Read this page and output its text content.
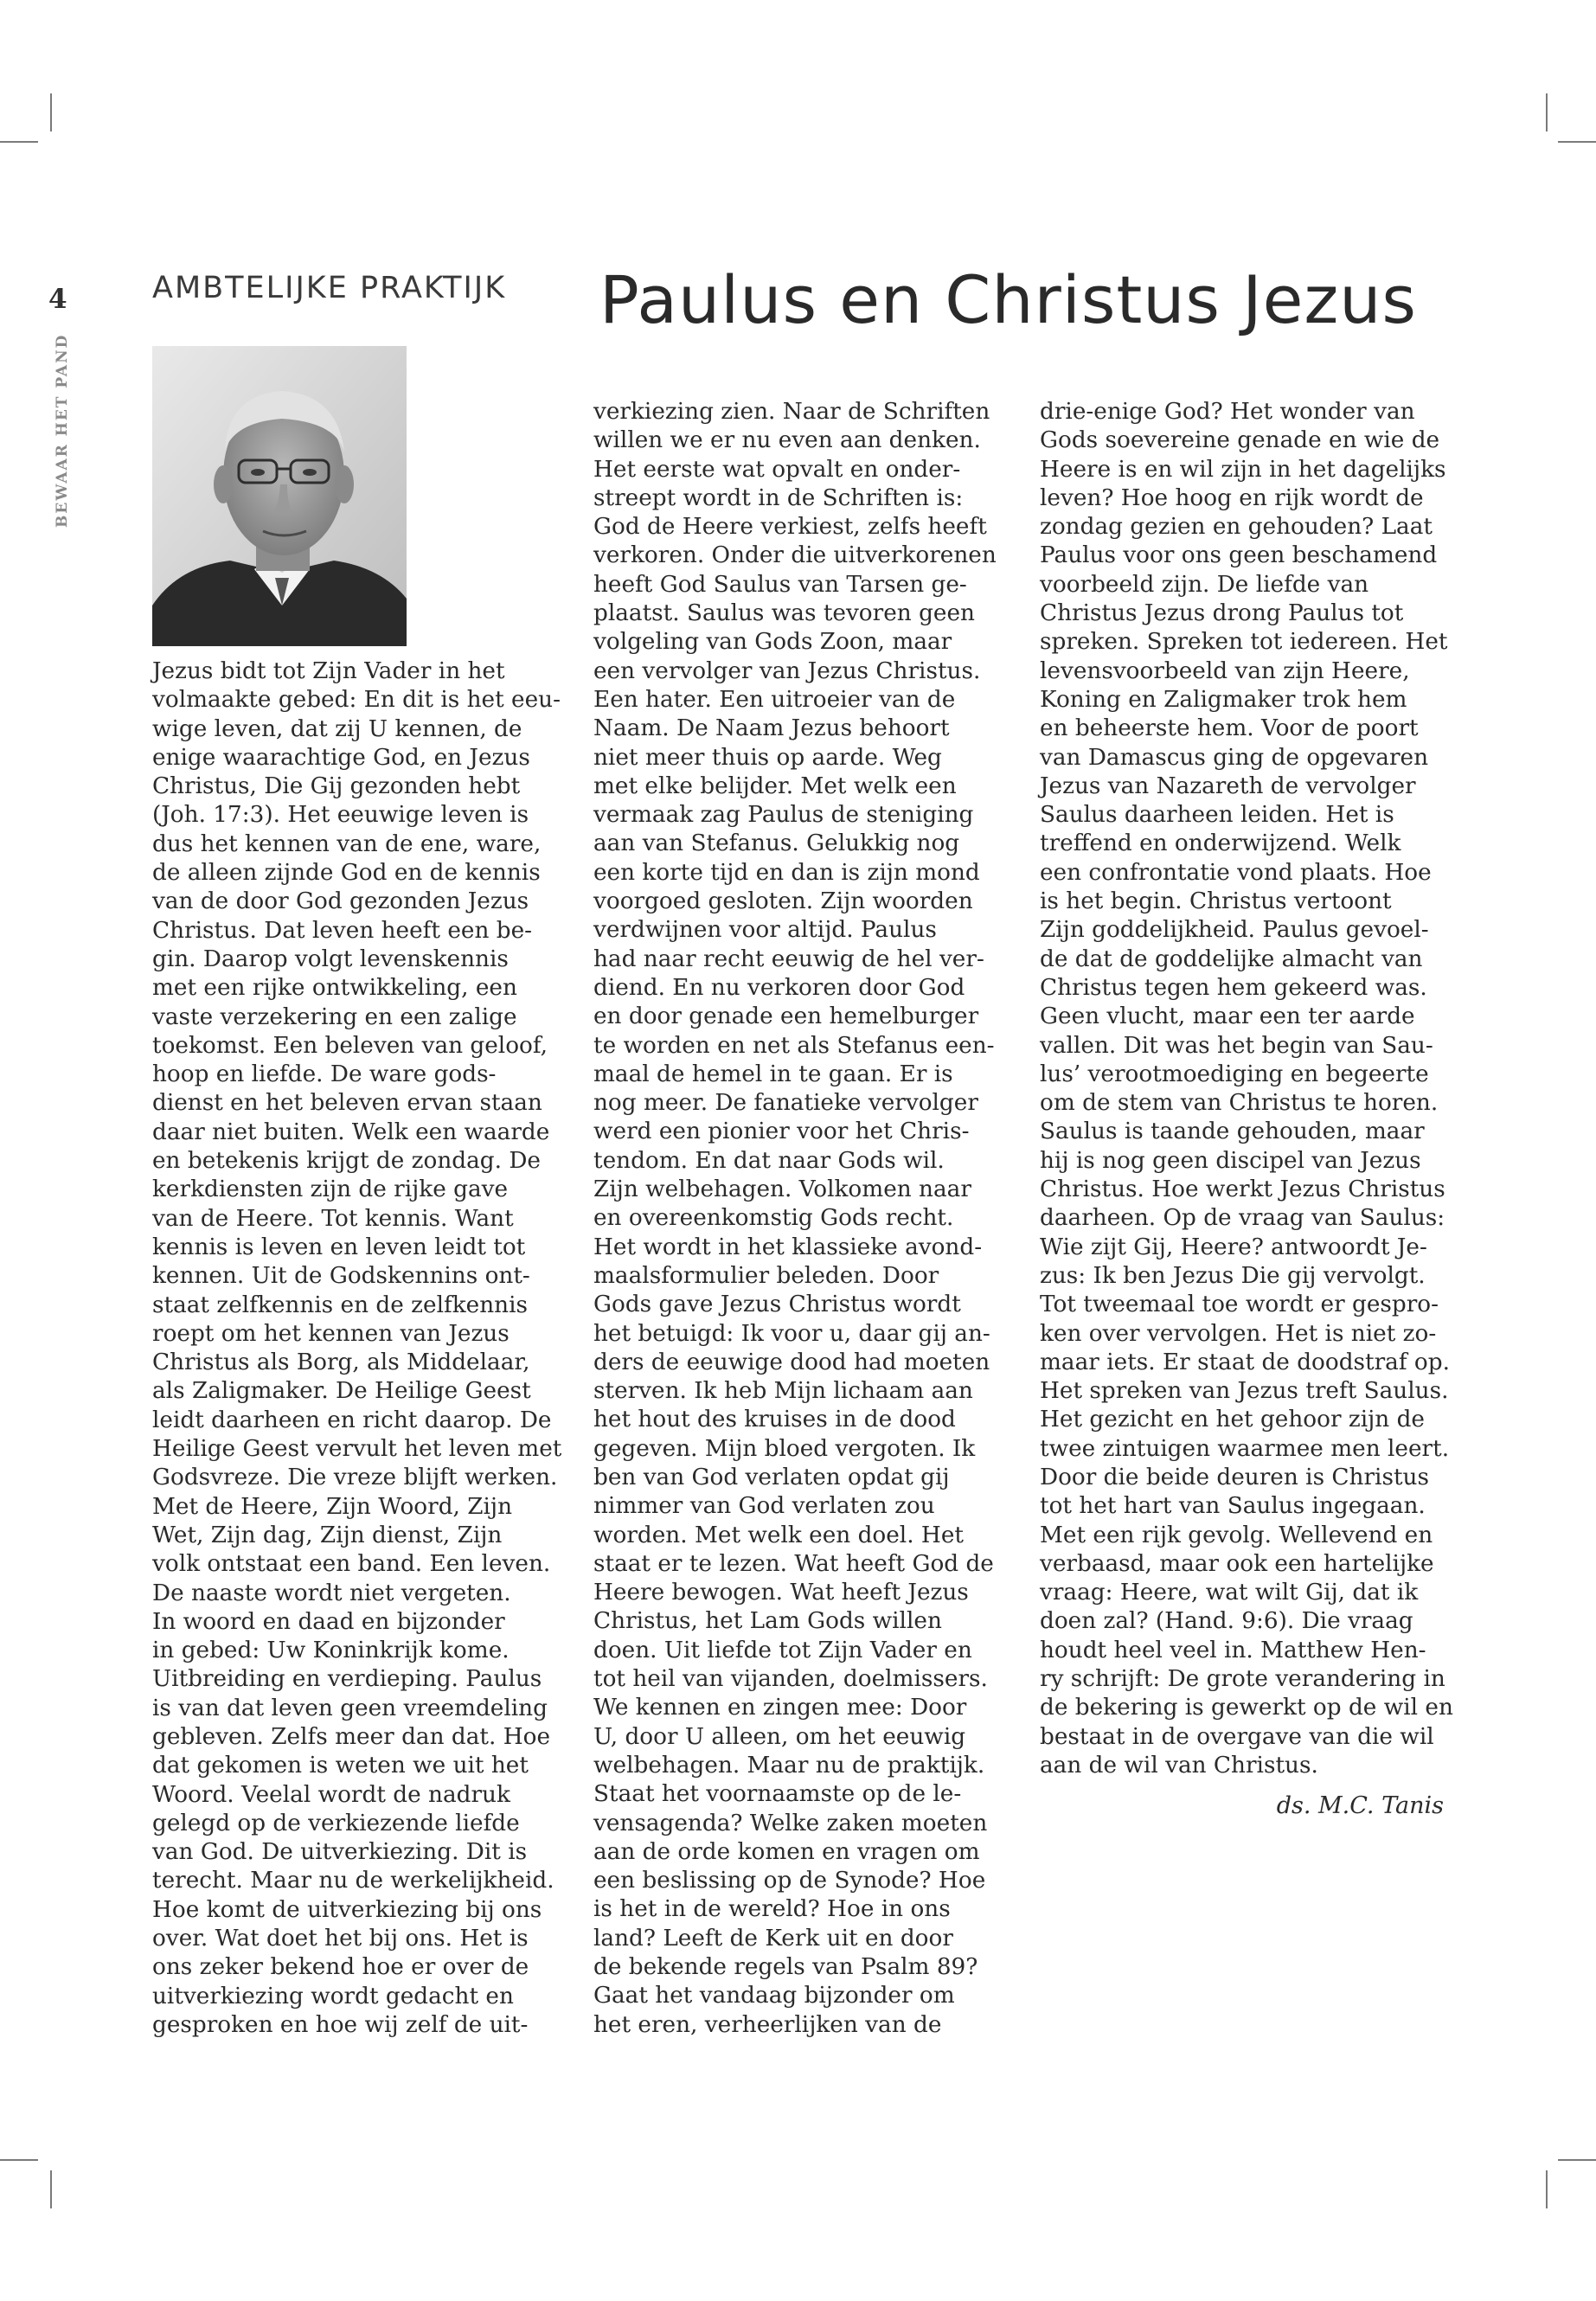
4
BEWAAR HET PAND
AMBTELIJKE PRAKTIJK Paulus en Christus Jezus
Jezus bidt tot Zijn Vader in het
volmaakte gebed: En dit is het eeu-
wige leven, dat zij U kennen, de
enige waarachtige God, en Jezus
Christus, Die Gij gezonden hebt
(Joh. 17:3). Het eeuwige leven is
dus het kennen van de ene, ware,
de alleen zijnde God en de kennis
van de door God gezonden Jezus
Christus. Dat leven heeft een be-
gin. Daarop volgt levenskennis
met een rijke ontwikkeling, een
vaste verzekering en een zalige
toekomst. Een beleven van geloof,
hoop en liefde. De ware gods-
dienst en het beleven ervan staan
daar niet buiten. Welk een waarde
en betekenis krijgt de zondag. De
kerkdiensten zijn de rijke gave
van de Heere. Tot kennis. Want
kennis is leven en leven leidt tot
kennen. Uit de Godskennins ont-
staat zelfkennis en de zelfkennis
roept om het kennen van Jezus
Christus als Borg, als Middelaar,
als Zaligmaker. De Heilige Geest
leidt daarheen en richt daarop. De
Heilige Geest vervult het leven met
Godsvreze. Die vreze blijft werken.
Met de Heere, Zijn Woord, Zijn
Wet, Zijn dag, Zijn dienst, Zijn
volk ontstaat een band. Een leven.
De naaste wordt niet vergeten.
In woord en daad en bijzonder
in gebed: Uw Koninkrijk kome.
Uitbreiding en verdieping. Paulus
is van dat leven geen vreemdeling
gebleven. Zelfs meer dan dat. Hoe
dat gekomen is weten we uit het
Woord. Veelal wordt de nadruk
gelegd op de verkiezende liefde
van God. De uitverkiezing. Dit is
terecht. Maar nu de werkelijkheid.
Hoe komt de uitverkiezing bij ons
over. Wat doet het bij ons. Het is
ons zeker bekend hoe er over de
uitverkiezing wordt gedacht en
gesproken en hoe wij zelf de uit-
verkiezing zien. Naar de Schriften
willen we er nu even aan denken.
Het eerste wat opvalt en onder-
streept wordt in de Schriften is:
God de Heere verkiest, zelfs heeft
verkoren. Onder die uitverkorenen
heeft God Saulus van Tarsen ge-
plaatst. Saulus was tevoren geen
volgeling van Gods Zoon, maar
een vervolger van Jezus Christus.
Een hater. Een uitroeier van de
Naam. De Naam Jezus behoort
niet meer thuis op aarde. Weg
met elke belijder. Met welk een
vermaak zag Paulus de steniging
aan van Stefanus. Gelukkig nog
een korte tijd en dan is zijn mond
voorgoed gesloten. Zijn woorden
verdwijnen voor altijd. Paulus
had naar recht eeuwig de hel ver-
diend. En nu verkoren door God
en door genade een hemelburger
te worden en net als Stefanus een-
maal de hemel in te gaan. Er is
nog meer. De fanatieke vervolger
werd een pionier voor het Chris-
tendom. En dat naar Gods wil.
Zijn welbehagen. Volkomen naar
en overeenkomstig Gods recht.
Het wordt in het klassieke avond-
maalsformulier beleden. Door
Gods gave Jezus Christus wordt
het betuigd: Ik voor u, daar gij an-
ders de eeuwige dood had moeten
sterven. Ik heb Mijn lichaam aan
het hout des kruises in de dood
gegeven. Mijn bloed vergoten. Ik
ben van God verlaten opdat gij
nimmer van God verlaten zou
worden. Met welk een doel. Het
staat er te lezen. Wat heeft God de
Heere bewogen. Wat heeft Jezus
Christus, het Lam Gods willen
doen. Uit liefde tot Zijn Vader en
tot heil van vijanden, doelmissers.
We kennen en zingen mee: Door
U, door U alleen, om het eeuwig
welbehagen. Maar nu de praktijk.
Staat het voornaamste op de le-
vensagenda? Welke zaken moeten
aan de orde komen en vragen om
een beslissing op de Synode? Hoe
is het in de wereld? Hoe in ons
land? Leeft de Kerk uit en door
de bekende regels van Psalm 89?
Gaat het vandaag bijzonder om
het eren, verheerlijken van de
drie-enige God? Het wonder van
Gods soevereine genade en wie de
Heere is en wil zijn in het dagelijks
leven? Hoe hoog en rijk wordt de
zondag gezien en gehouden? Laat
Paulus voor ons geen beschamend
voorbeeld zijn. De liefde van
Christus Jezus drong Paulus tot
spreken. Spreken tot iedereen. Het
levensvoorbeeld van zijn Heere,
Koning en Zaligmaker trok hem
en beheerste hem. Voor de poort
van Damascus ging de opgevaren
Jezus van Nazareth de vervolger
Saulus daarheen leiden. Het is
treffend en onderwijzend. Welk
een confrontatie vond plaats. Hoe
is het begin. Christus vertoont
Zijn goddelijkheid. Paulus gevoel-
de dat de goddelijke almacht van
Christus tegen hem gekeerd was.
Geen vlucht, maar een ter aarde
vallen. Dit was het begin van Sau-
lus’ verootmoediging en begeerte
om de stem van Christus te horen.
Saulus is taande gehouden, maar
hij is nog geen discipel van Jezus
Christus. Hoe werkt Jezus Christus
daarheen. Op de vraag van Saulus:
Wie zijt Gij, Heere? antwoordt Je-
zus: Ik ben Jezus Die gij vervolgt.
Tot tweemaal toe wordt er gespro-
ken over vervolgen. Het is niet zo-
maar iets. Er staat de doodstraf op.
Het spreken van Jezus treft Saulus.
Het gezicht en het gehoor zijn de
twee zintuigen waarmee men leert.
Door die beide deuren is Christus
tot het hart van Saulus ingegaan.
Met een rijk gevolg. Wellevend en
verbaasd, maar ook een hartelijke
vraag: Heere, wat wilt Gij, dat ik
doen zal? (Hand. 9:6). Die vraag
houdt heel veel in. Matthew Hen-
ry schrijft: De grote verandering in
de bekering is gewerkt op de wil en
bestaat in de overgave van die wil
aan de wil van Christus.
ds. M.C. Tanis
